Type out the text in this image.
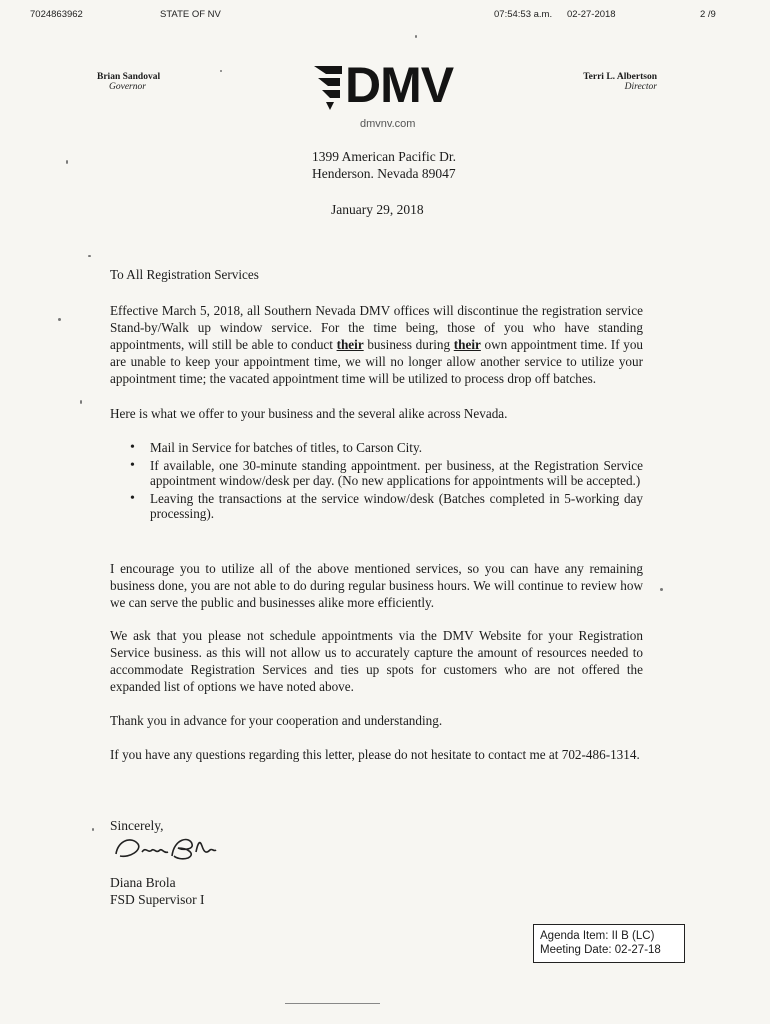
7024863962	STATE OF NV	07:54:53 a.m. 02-27-2018	2 /9
Brian Sandoval
Governor	DMV
dmvnv.com
Terri L. Albertson
Director
1399 American Pacific Dr.
Henderson. Nevada 89047
January 29, 2018
To All Registration Services
Effective March 5, 2018, all Southern Nevada DMV offices will discontinue the registration service Stand-by/Walk up window service. For the time being, those of you who have standing appointments, will still be able to conduct their business during their own appointment time. If you are unable to keep your appointment time, we will no longer allow another service to utilize your appointment time; the vacated appointment time will be utilized to process drop off batches.
Here is what we offer to your business and the several alike across Nevada.
• Mail in Service for batches of titles, to Carson City.
• If available, one 30-minute standing appointment. per business, at the Registration Service appointment window/desk per day. (No new applications for appointments will be accepted.)
• Leaving the transactions at the service window/desk (Batches completed in 5-working day processing).
I encourage you to utilize all of the above mentioned services, so you can have any remaining business done, you are not able to do during regular business hours. We will continue to review how we can serve the public and businesses alike more efficiently.
We ask that you please not schedule appointments via the DMV Website for your Registration Service business. as this will not allow us to accurately capture the amount of resources needed to accommodate Registration Services and ties up spots for customers who are not offered the expanded list of options we have noted above.
Thank you in advance for your cooperation and understanding.
If you have any questions regarding this letter, please do not hesitate to contact me at 702-486-1314.
Sincerely,
Diana Brola
FSD Supervisor I
Agenda Item: II B (LC)
Meeting Date: 02-27-18
